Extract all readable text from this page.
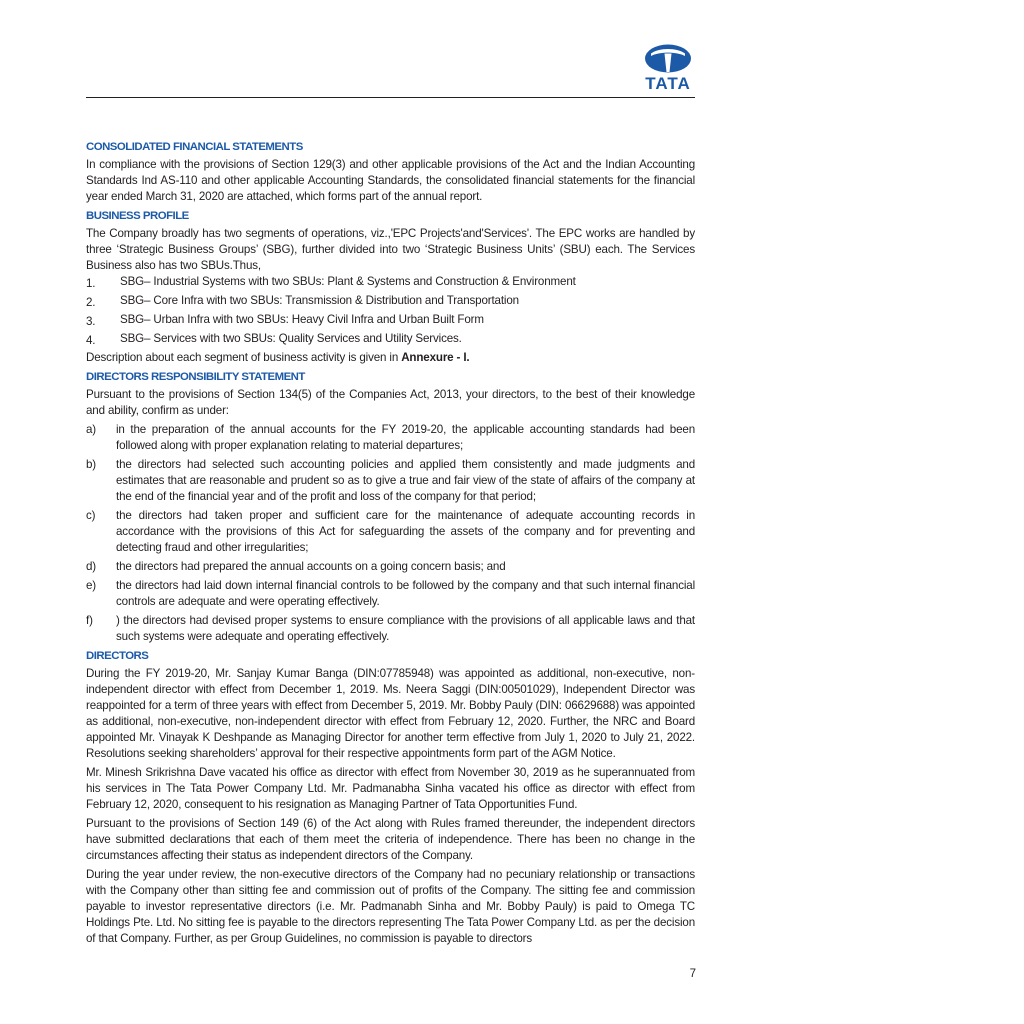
TATA
CONSOLIDATED FINANCIAL STATEMENTS

In compliance with the provisions of Section 129(3) and other applicable provisions of the Act and the Indian Accounting Standards Ind AS-110 and other applicable Accounting Standards, the consolidated financial statements for the financial year ended March 31, 2020 are attached, which forms part of the annual report.

BUSINESS PROFILE

The Company broadly has two segments of operations, viz.,'EPC Projects'and'Services'. The EPC works are handled by three ‘Strategic Business Groups’ (SBG), further divided into two ‘Strategic Business Units’ (SBU) each. The Services Business also has two SBUs.Thus,

1.	SBG– Industrial Systems with two SBUs: Plant & Systems and Construction & Environment
2.	SBG– Core Infra with two SBUs: Transmission & Distribution and Transportation
3.	SBG– Urban Infra with two SBUs: Heavy Civil Infra and Urban Built Form
4.	SBG– Services with two SBUs: Quality Services and Utility Services.

Description about each segment of business activity is given in Annexure - I.

DIRECTORS RESPONSIBILITY STATEMENT

Pursuant to the provisions of Section 134(5) of the Companies Act, 2013, your directors, to the best of their knowledge and ability, confirm as under:

a)	in the preparation of the annual accounts for the FY 2019-20, the applicable accounting standards had been followed along with proper explanation relating to material departures;
b)	the directors had selected such accounting policies and applied them consistently and made judgments and estimates that are reasonable and prudent so as to give a true and fair view of the state of affairs of the company at the end of the financial year and of the profit and loss of the company for that period;
c)	the directors had taken proper and sufficient care for the maintenance of adequate accounting records in accordance with the provisions of this Act for safeguarding the assets of the company and for preventing and detecting fraud and other irregularities;
d)	the directors had prepared the annual accounts on a going concern basis; and
e)	the directors had laid down internal financial controls to be followed by the company and that such internal financial controls are adequate and were operating effectively.
f)	) the directors had devised proper systems to ensure compliance with the provisions of all applicable laws and that such systems were adequate and operating effectively.
DIRECTORS

During the FY 2019-20, Mr. Sanjay Kumar Banga (DIN:07785948) was appointed as additional, non-executive, non-independent director with effect from December 1, 2019. Ms. Neera Saggi (DIN:00501029), Independent Director was reappointed for a term of three years with effect from December 5, 2019. Mr. Bobby Pauly (DIN: 06629688) was appointed as additional, non-executive, non-independent director with effect from February 12, 2020. Further, the NRC and Board appointed Mr. Vinayak K Deshpande as Managing Director for another term effective from July 1, 2020 to July 21, 2022. Resolutions seeking shareholders’ approval for their respective appointments form part of the AGM Notice.

Mr. Minesh Srikrishna Dave vacated his office as director with effect from November 30, 2019 as he superannuated from his services in The Tata Power Company Ltd. Mr. Padmanabha Sinha vacated his office as director with effect from February 12, 2020, consequent to his resignation as Managing Partner of Tata Opportunities Fund.

Pursuant to the provisions of Section 149 (6) of the Act along with Rules framed thereunder, the independent directors have submitted declarations that each of them meet the criteria of independence. There has been no change in the circumstances affecting their status as independent directors of the Company.

During the year under review, the non-executive directors of the Company had no pecuniary relationship or transactions with the Company other than sitting fee and commission out of profits of the Company. The sitting fee and commission payable to investor representative directors (i.e. Mr. Padmanabh Sinha and Mr. Bobby Pauly) is paid to Omega TC Holdings Pte. Ltd. No sitting fee is payable to the directors representing The Tata Power Company Ltd. as per the decision of that Company. Further, as per Group Guidelines, no commission is payable to directors

7
